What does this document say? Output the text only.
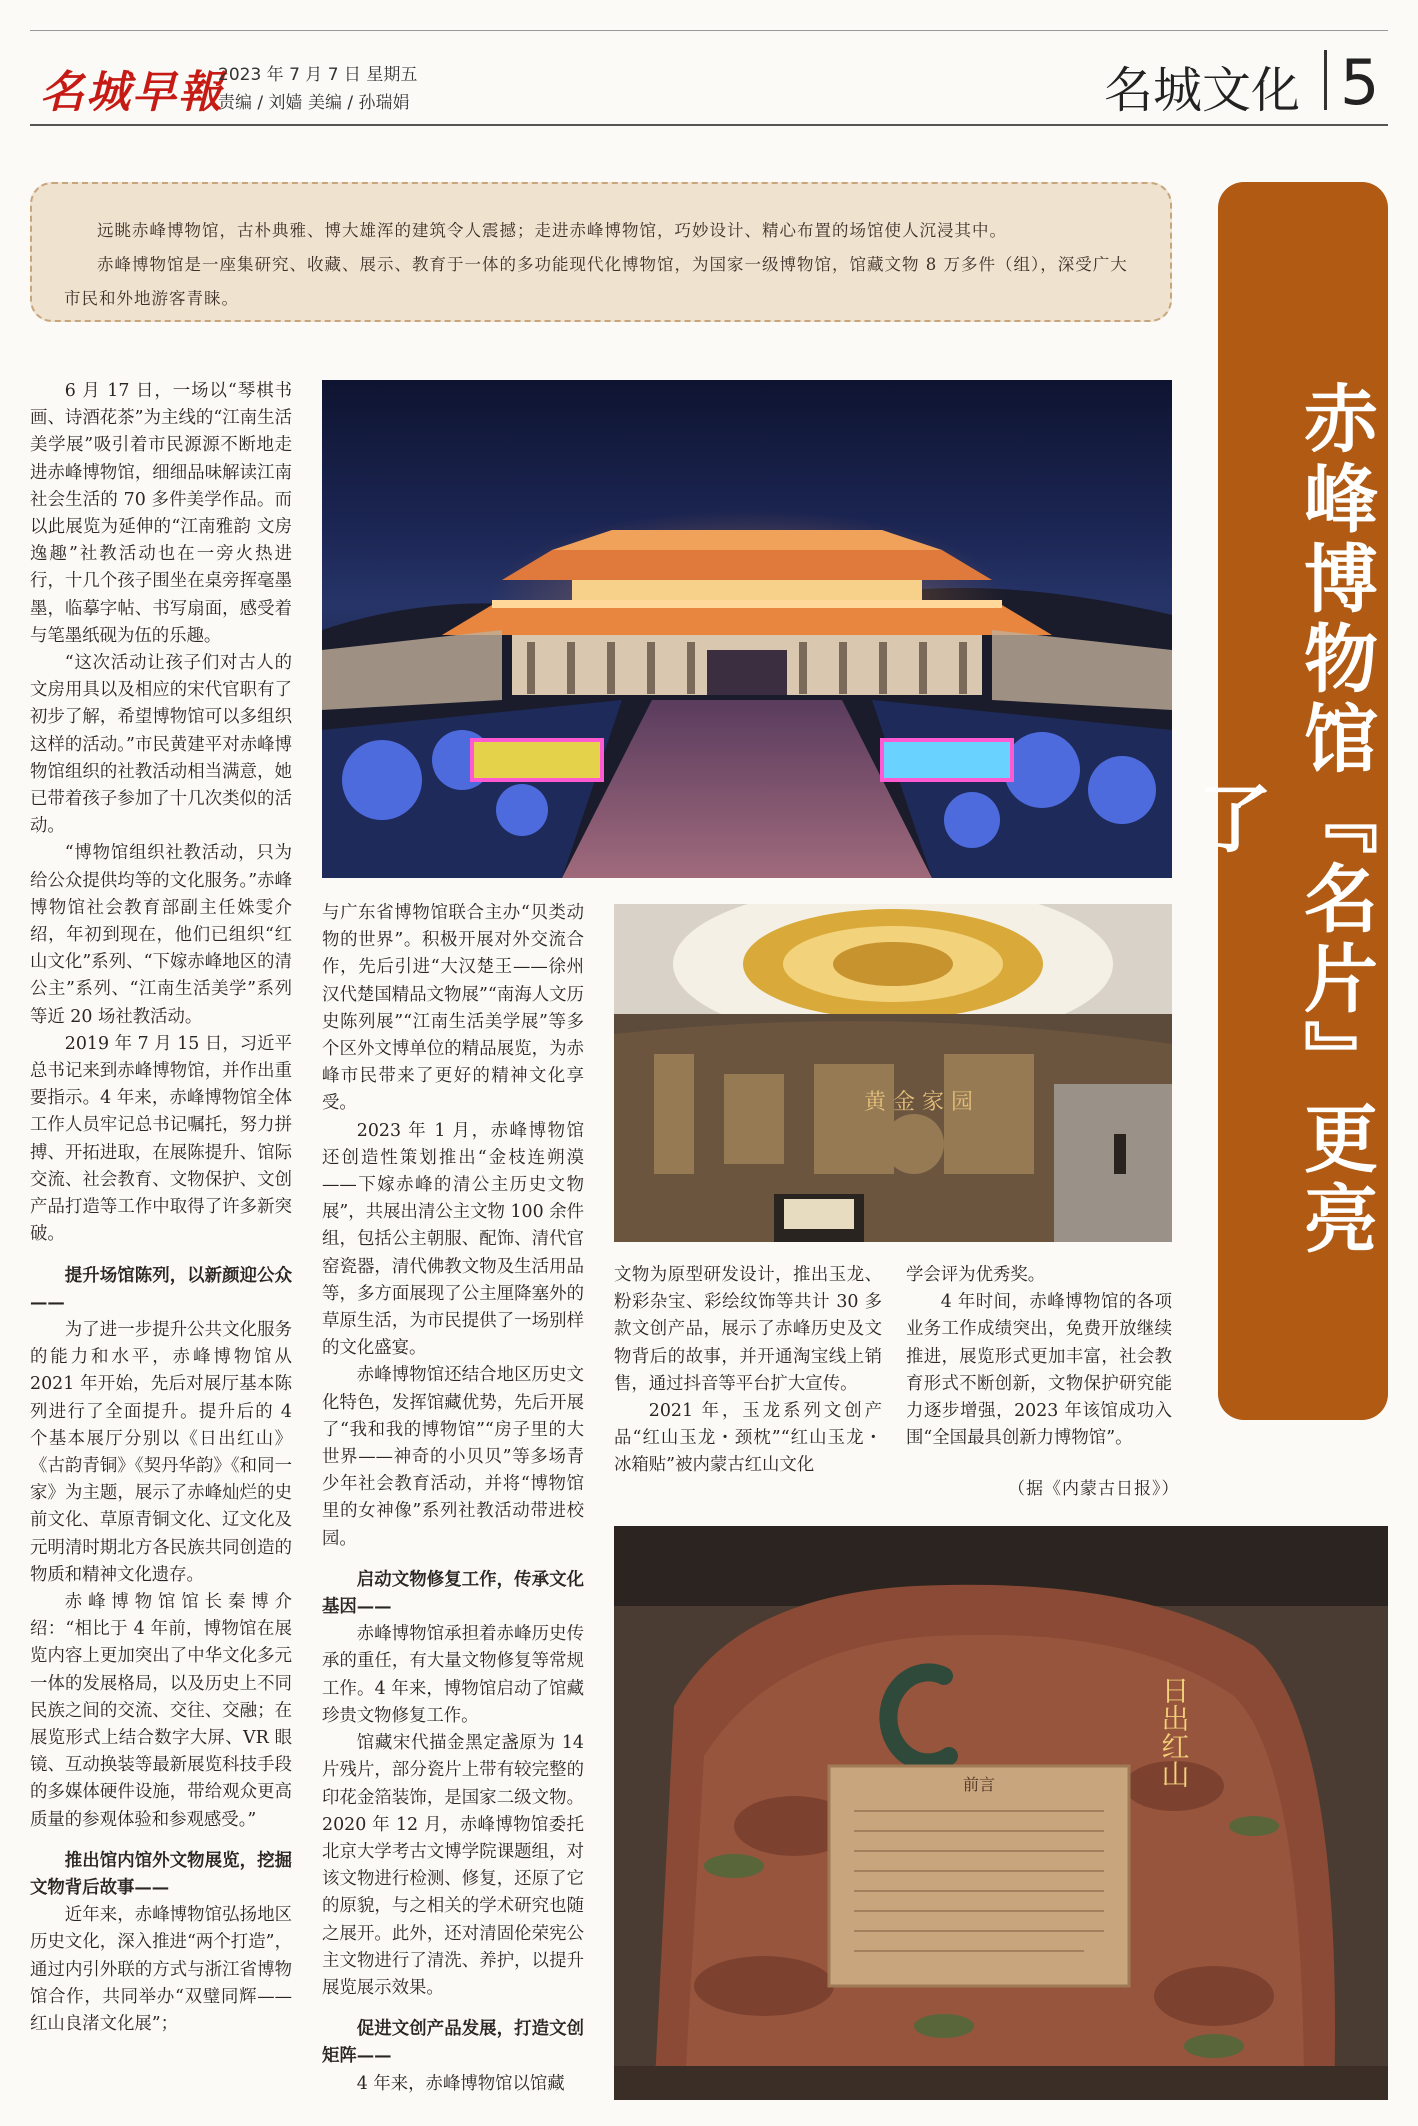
名城早報
2023 年 7 月 7 日 星期五
责编 / 刘嫱 美编 / 孙瑞娟	名城文化 5

远眺赤峰博物馆，古朴典雅、博大雄浑的建筑令人震撼；走进赤峰博物馆，巧妙设计、精心布置的场馆使人沉浸其中。

赤峰博物馆是一座集研究、收藏、展示、教育于一体的多功能现代化博物馆，为国家一级博物馆，馆藏文物 8 万多件（组），深受广大市民和外地游客青睐。

赤峰博物馆『名片』更亮了

6 月 17 日，一场以“琴棋书画、诗酒花茶”为主线的“江南生活美学展”吸引着市民源源不断地走进赤峰博物馆，细细品味解读江南社会生活的 70 多件美学作品。而以此展览为延伸的“江南雅韵 文房逸趣”社教活动也在一旁火热进行，十几个孩子围坐在桌旁挥毫墨墨，临摹字帖、书写扇面，感受着与笔墨纸砚为伍的乐趣。

“这次活动让孩子们对古人的文房用具以及相应的宋代官职有了初步了解，希望博物馆可以多组织这样的活动。”市民黄建平对赤峰博物馆组织的社教活动相当满意，她已带着孩子参加了十几次类似的活动。

“博物馆组织社教活动，只为给公众提供均等的文化服务。”赤峰博物馆社会教育部副主任姝雯介绍，年初到现在，他们已组织“红山文化”系列、“下嫁赤峰地区的清公主”系列、“江南生活美学”系列等近 20 场社教活动。

2019 年 7 月 15 日，习近平总书记来到赤峰博物馆，并作出重要指示。4 年来，赤峰博物馆全体工作人员牢记总书记嘱托，努力拼搏、开拓进取，在展陈提升、馆际交流、社会教育、文物保护、文创产品打造等工作中取得了许多新突破。

提升场馆陈列，以新颜迎公众——

为了进一步提升公共文化服务的能力和水平，赤峰博物馆从 2021 年开始，先后对展厅基本陈列进行了全面提升。提升后的 4 个基本展厅分别以《日出红山》《古韵青铜》《契丹华韵》《和同一家》为主题，展示了赤峰灿烂的史前文化、草原青铜文化、辽文化及元明清时期北方各民族共同创造的物质和精神文化遗存。

赤峰博物馆馆长秦博介绍：“相比于 4 年前，博物馆在展览内容上更加突出了中华文化多元一体的发展格局，以及历史上不同民族之间的交流、交往、交融；在展览形式上结合数字大屏、VR 眼镜、互动换装等最新展览科技手段的多媒体硬件设施，带给观众更高质量的参观体验和参观感受。”

推出馆内馆外文物展览，挖掘文物背后故事——

近年来，赤峰博物馆弘扬地区历史文化，深入推进“两个打造”，通过内引外联的方式与浙江省博物馆合作，共同举办“双璧同辉——红山良渚文化展”；

与广东省博物馆联合主办“贝类动物的世界”。积极开展对外交流合作，先后引进“大汉楚王——徐州汉代楚国精品文物展”“南海人文历史陈列展”“江南生活美学展”等多个区外文博单位的精品展览，为赤峰市民带来了更好的精神文化享受。

2023 年 1 月，赤峰博物馆还创造性策划推出“金枝连朔漠——下嫁赤峰的清公主历史文物展”，共展出清公主文物 100 余件组，包括公主朝服、配饰、清代官窑瓷器，清代佛教文物及生活用品等，多方面展现了公主厘降塞外的草原生活，为市民提供了一场别样的文化盛宴。

赤峰博物馆还结合地区历史文化特色，发挥馆藏优势，先后开展了“我和我的博物馆”“房子里的大世界——神奇的小贝贝”等多场青少年社会教育活动，并将“博物馆里的女神像”系列社教活动带进校园。

启动文物修复工作，传承文化基因——

赤峰博物馆承担着赤峰历史传承的重任，有大量文物修复等常规工作。4 年来，博物馆启动了馆藏珍贵文物修复工作。

馆藏宋代描金黑定盏原为 14 片残片，部分瓷片上带有较完整的印花金箔装饰，是国家二级文物。2020 年 12 月，赤峰博物馆委托北京大学考古文博学院课题组，对该文物进行检测、修复，还原了它的原貌，与之相关的学术研究也随之展开。此外，还对清固伦荣宪公主文物进行了清洗、养护，以提升展览展示效果。

促进文创产品发展，打造文创矩阵——

4 年来，赤峰博物馆以馆藏

黄 金 家 园

文物为原型研发设计，推出玉龙、粉彩杂宝、彩绘纹饰等共计 30 多款文创产品，展示了赤峰历史及文物背后的故事，并开通淘宝线上销售，通过抖音等平台扩大宣传。

2021 年，玉龙系列文创产品“红山玉龙・颈枕”“红山玉龙・冰箱贴”被内蒙古红山文化

学会评为优秀奖。

4 年时间，赤峰博物馆的各项业务工作成绩突出，免费开放继续推进，展览形式更加丰富，社会教育形式不断创新，文物保护研究能力逐步增强，2023 年该馆成功入围“全国最具创新力博物馆”。

（据《内蒙古日报》）
前言	日出红山
